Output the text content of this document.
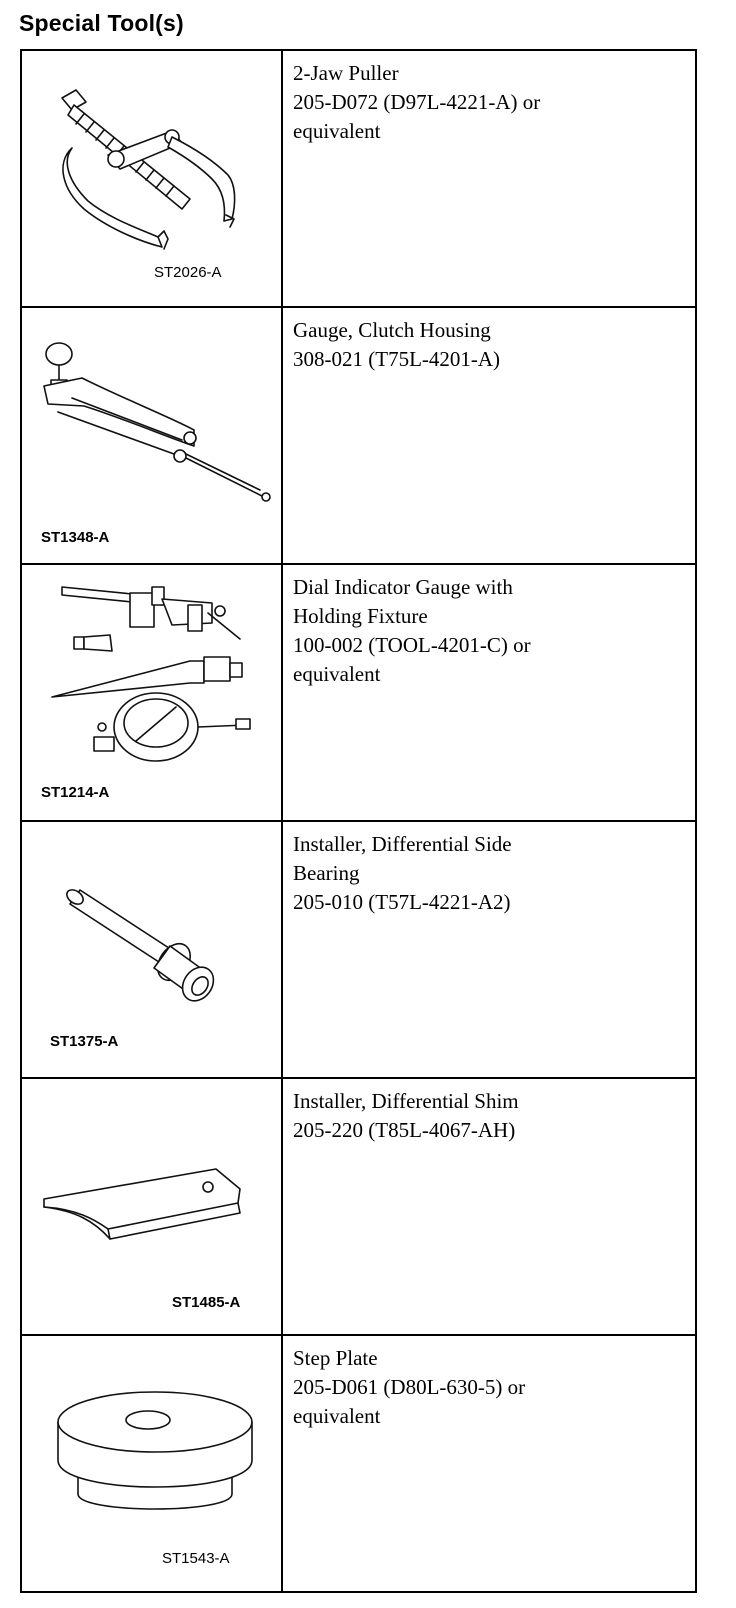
Special Tool(s)
ST2026-A	2-Jaw Puller
205-D072 (D97L-4221-A) or
equivalent

ST1348-A	Gauge, Clutch Housing
308-021 (T75L-4201-A)

ST1214-A	Dial Indicator Gauge with
Holding Fixture
100-002 (TOOL-4201-C) or
equivalent

ST1375-A	Installer, Differential Side
Bearing
205-010 (T57L-4221-A2)

ST1485-A	Installer, Differential Shim
205-220 (T85L-4067-AH)

ST1543-A	Step Plate
205-D061 (D80L-630-5) or
equivalent
